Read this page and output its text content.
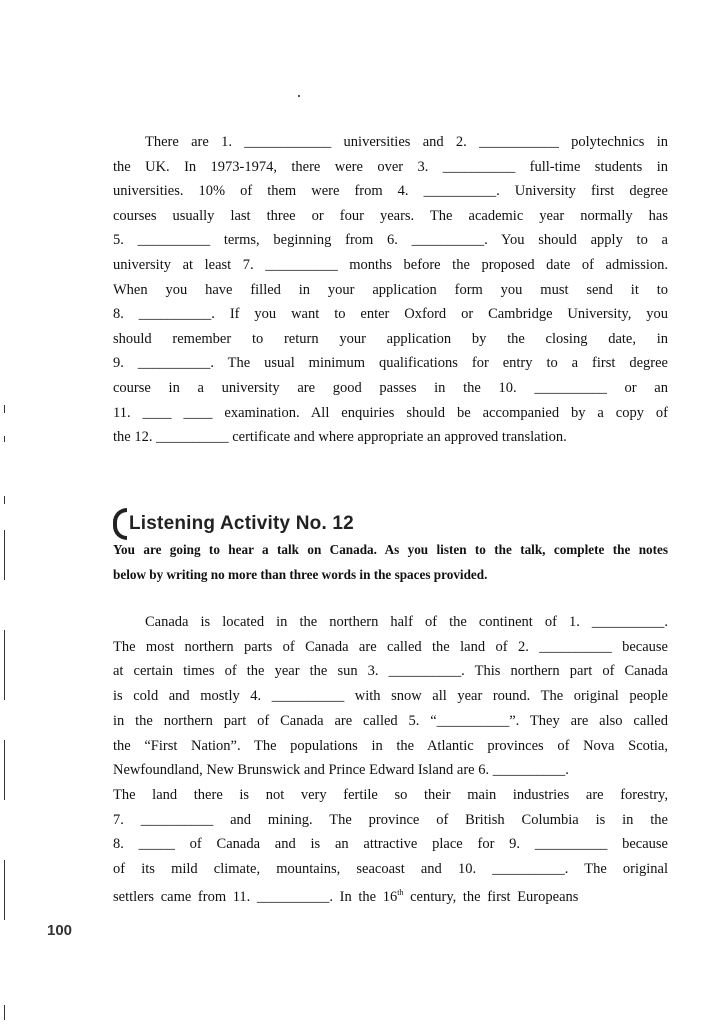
There are 1. ____________ universities and 2. ___________ polytechnics in
the UK. In 1973-1974, there were over 3. __________ full-time students in
universities. 10% of them were from 4. __________. University first degree
courses usually last three or four years. The academic year normally has
5. __________ terms, beginning from 6. __________. You should apply to a
university at least 7. __________ months before the proposed date of admission.
When you have filled in your application form you must send it to
8. __________. If you want to enter Oxford or Cambridge University, you
should remember to return your application by the closing date, in
9. __________. The usual minimum qualifications for entry to a first degree
course in a university are good passes in the 10. __________ or an
11. ____ ____ examination. All enquiries should be accompanied by a copy of
the 12. __________ certificate and where appropriate an approved translation.
Listening Activity No. 12
You are going to hear a talk on Canada. As you listen to the talk, complete the notes
below by writing no more than three words in the spaces provided.
settlers came from 11. __________. In the 16th century, the first Europeans
Canada is located in the northern half of the continent of 1. __________.
The most northern parts of Canada are called the land of 2. __________ because
at certain times of the year the sun 3. __________. This northern part of Canada
is cold and mostly 4. __________ with snow all year round. The original people
in the northern part of Canada are called 5. “__________”. They are also called
the “First Nation”. The populations in the Atlantic provinces of Nova Scotia,
Newfoundland, New Brunswick and Prince Edward Island are 6. __________.
The land there is not very fertile so their main industries are forestry,
7. __________ and mining. The province of British Columbia is in the
8. _____ of Canada and is an attractive place for 9. __________ because
of its mild climate, mountains, seacoast and 10. __________. The original
100
